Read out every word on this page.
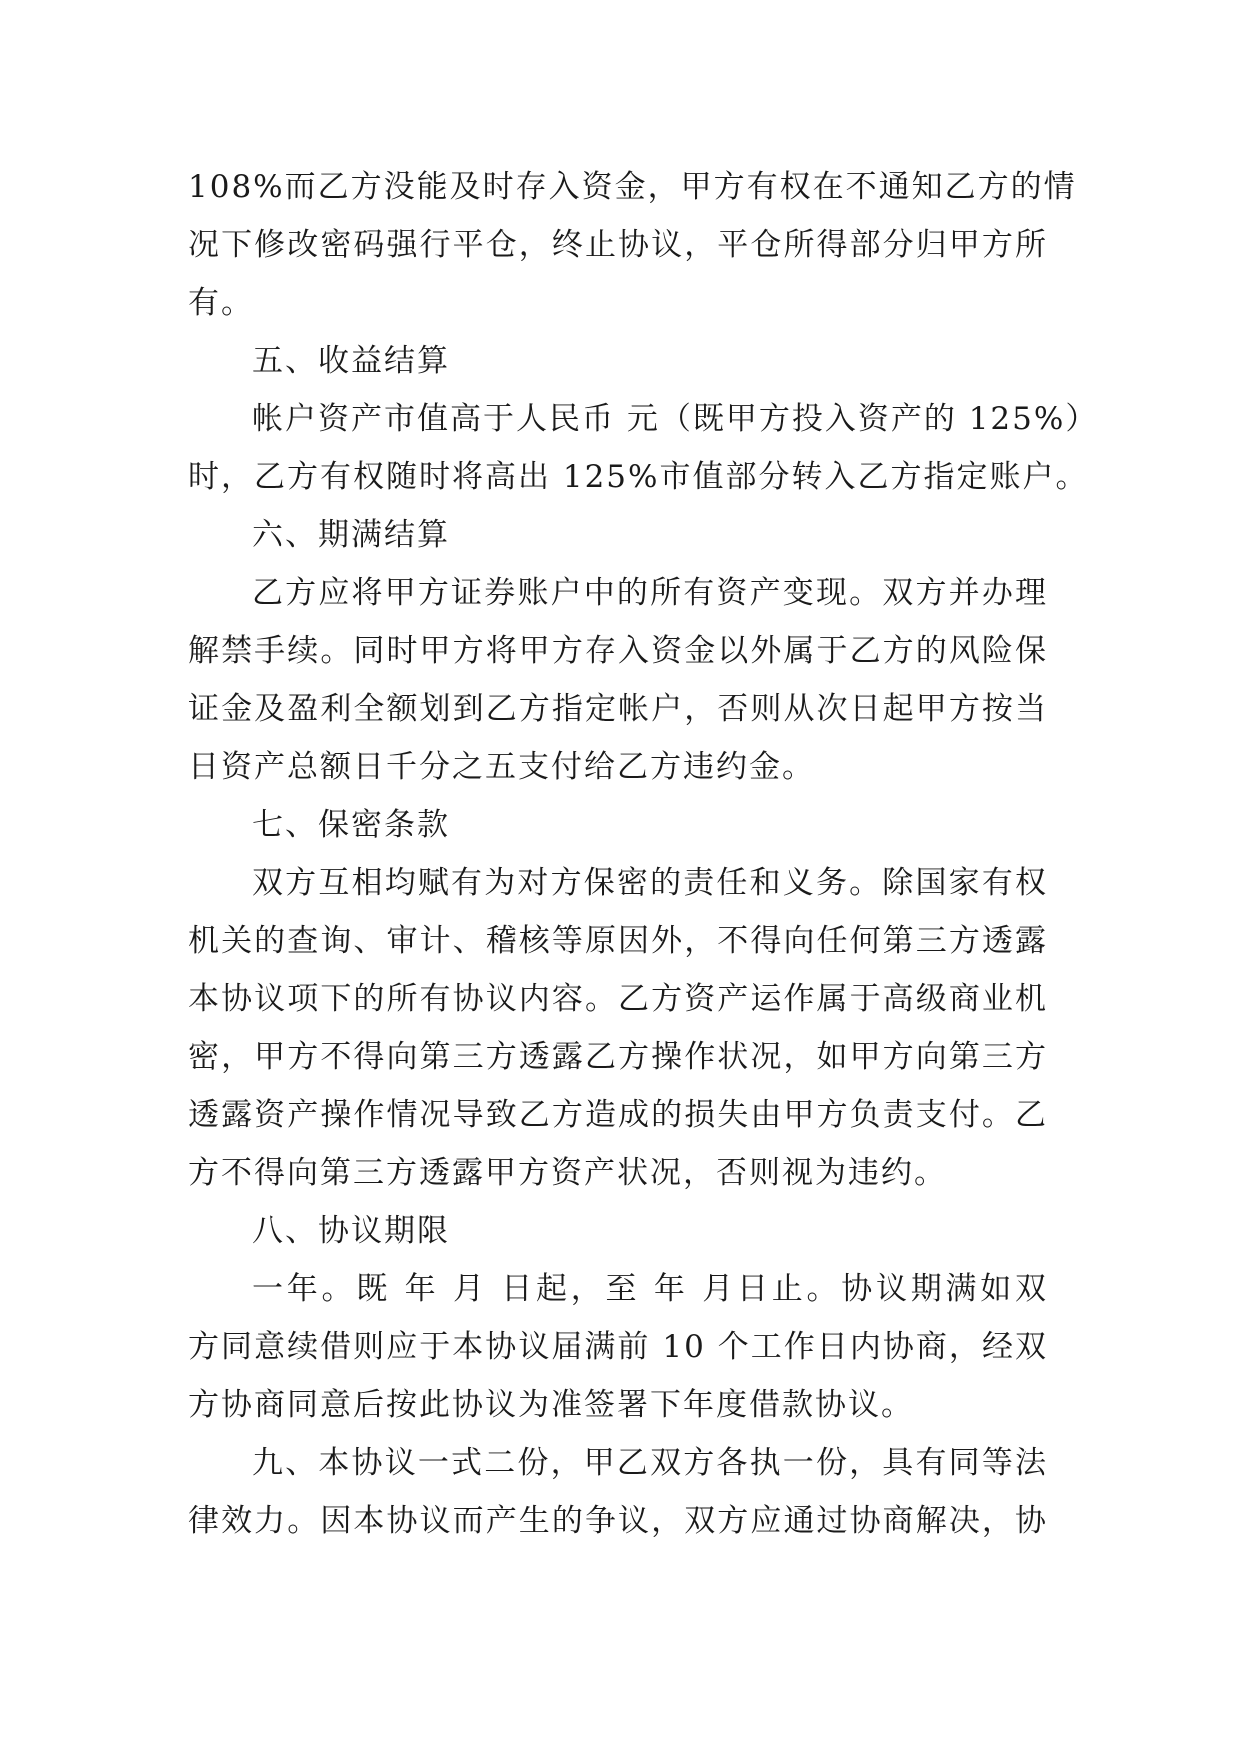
108%而乙方没能及时存入资金，甲方有权在不通知乙方的情
况下修改密码强行平仓，终止协议，平仓所得部分归甲方所
有。
五、收益结算
帐户资产市值高于人民币 元（既甲方投入资产的 125%）
时，乙方有权随时将高出 125%市值部分转入乙方指定账户。
六、期满结算
乙方应将甲方证券账户中的所有资产变现。双方并办理
解禁手续。同时甲方将甲方存入资金以外属于乙方的风险保
证金及盈利全额划到乙方指定帐户，否则从次日起甲方按当
日资产总额日千分之五支付给乙方违约金。
七、保密条款
双方互相均赋有为对方保密的责任和义务。除国家有权
机关的查询、审计、稽核等原因外，不得向任何第三方透露
本协议项下的所有协议内容。乙方资产运作属于高级商业机
密，甲方不得向第三方透露乙方操作状况，如甲方向第三方
透露资产操作情况导致乙方造成的损失由甲方负责支付。乙
方不得向第三方透露甲方资产状况，否则视为违约。
八、协议期限
一年。既 年 月 日起，至 年 月日止。协议期满如双
方同意续借则应于本协议届满前 10 个工作日内协商，经双
方协商同意后按此协议为准签署下年度借款协议。
九、本协议一式二份，甲乙双方各执一份，具有同等法
律效力。因本协议而产生的争议，双方应通过协商解决，协
